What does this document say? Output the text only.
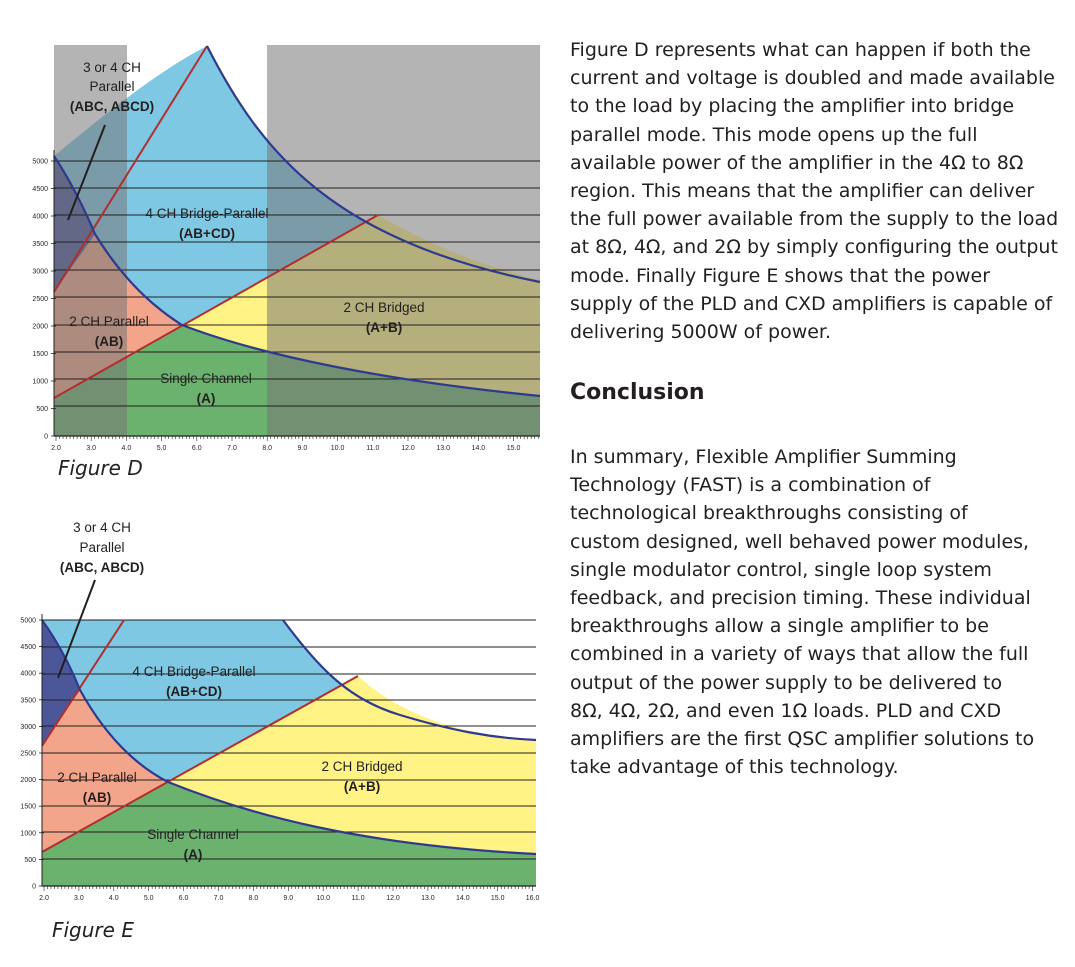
2.0	3.0	4.0	5.0	6.0	7.0	8.0	9.0	10.0	11.0	12.0	13.0	14.0	15.0
5000
4500
4000
3500
3000
2500
2000
1500
1000
500
0
3 or 4 CH
Parallel
(ABC, ABCD)
4 CH Bridge-Parallel
(AB+CD)
2 CH Bridged
(A+B)
2 CH Parallel
(AB)
Single Channel
(A)
Figure D
2.0	3.0	4.0	5.0	6.0	7.0	8.0	9.0	10.0	11.0	12.0	13.0	14.0	15.0	16.0
5000
4500
4000
3500
3000
2500
2000
1500
1000
500
0
3 or 4 CH
Parallel
(ABC, ABCD)
4 CH Bridge-Parallel
(AB+CD)
2 CH Bridged
(A+B)
2 CH Parallel
(AB)
Single Channel
(A)
Figure E
Figure D represents what can happen if both the
current and voltage is doubled and made available
to the load by placing the amplifier into bridge
parallel mode. This mode opens up the full
available power of the amplifier in the 4Ω to 8Ω
region. This means that the amplifier can deliver
the full power available from the supply to the load
at 8Ω, 4Ω, and 2Ω by simply configuring the output
mode. Finally Figure E shows that the power
supply of the PLD and CXD amplifiers is capable of
delivering 5000W of power.
Conclusion
In summary, Flexible Amplifier Summing
Technology (FAST) is a combination of
technological breakthroughs consisting of
custom designed, well behaved power modules,
single modulator control, single loop system
feedback, and precision timing. These individual
breakthroughs allow a single amplifier to be
combined in a variety of ways that allow the full
output of the power supply to be delivered to
8Ω, 4Ω, 2Ω, and even 1Ω loads. PLD and CXD
amplifiers are the first QSC amplifier solutions to
take advantage of this technology.
